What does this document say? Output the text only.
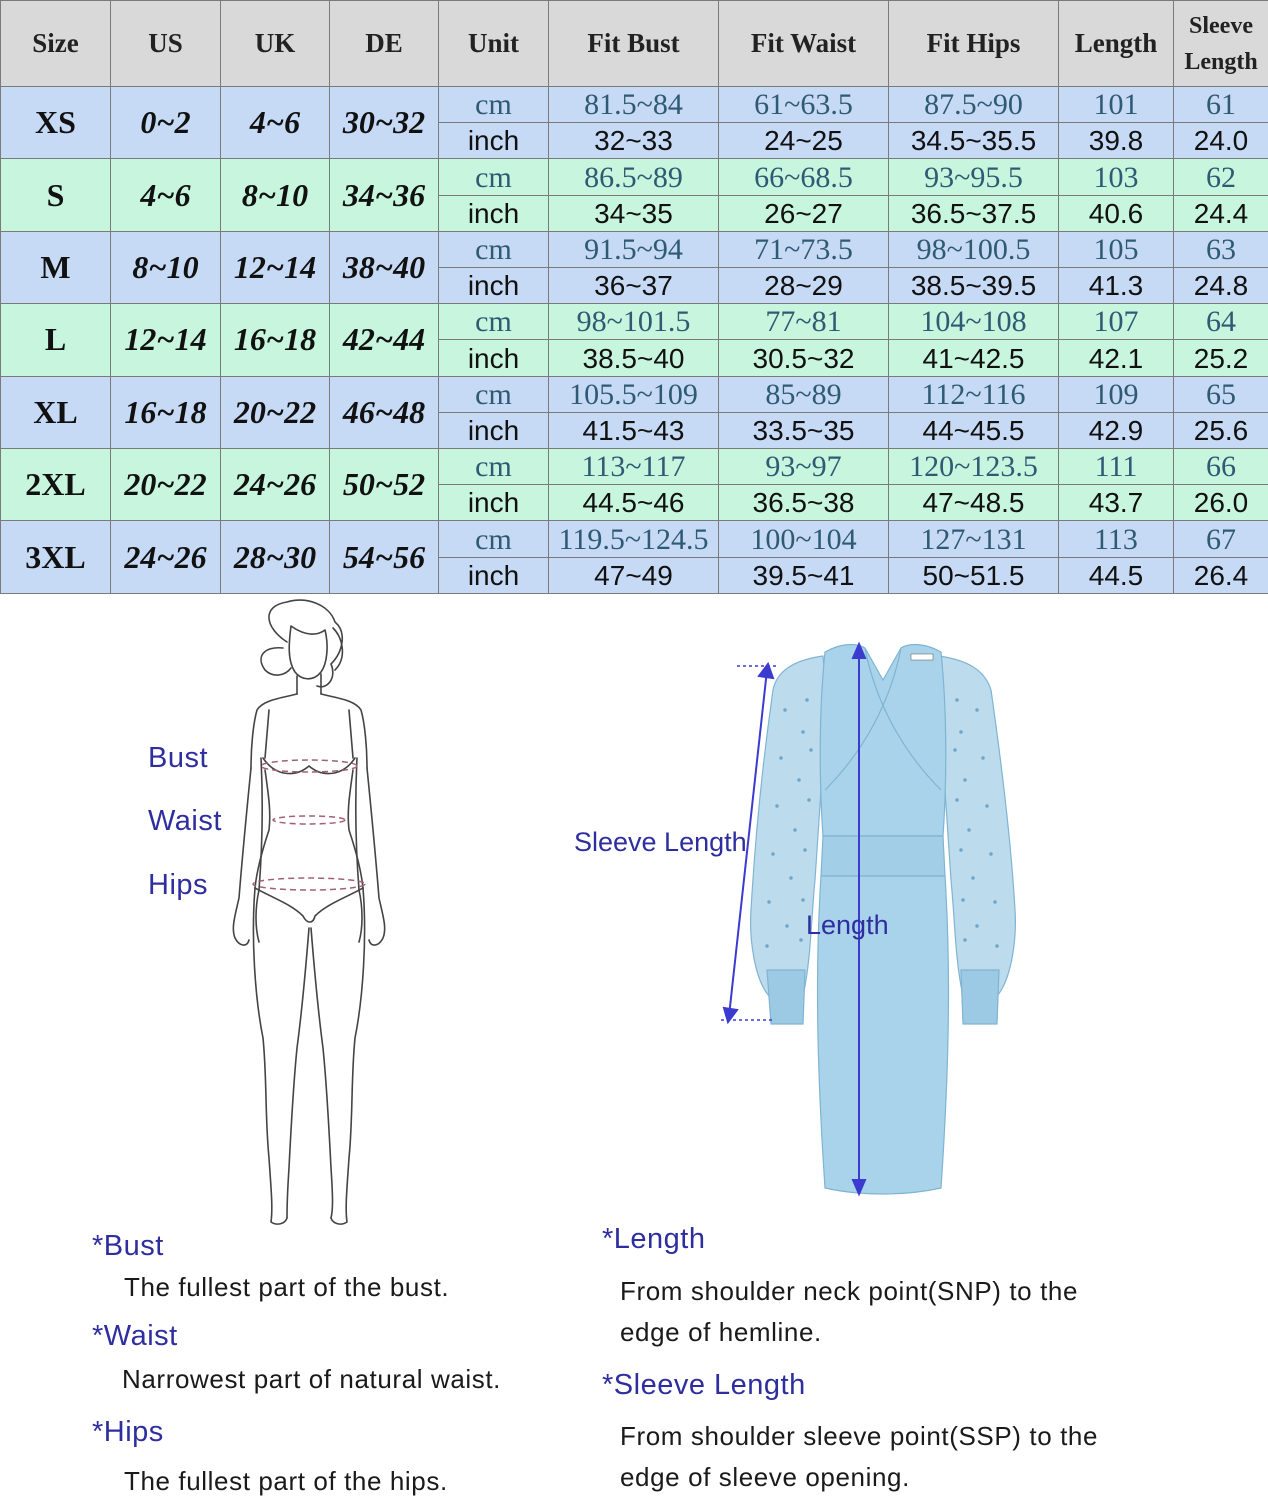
Size	US	UK	DE	Unit	Fit Bust	Fit Waist	Fit Hips	Length	Sleeve
Length
XS	0~2	4~6	30~32	cm	81.5~84	61~63.5	87.5~90	101	61
				inch	32~33	24~25	34.5~35.5	39.8	24.0
S	4~6	8~10	34~36	cm	86.5~89	66~68.5	93~95.5	103	62
				inch	34~35	26~27	36.5~37.5	40.6	24.4
M	8~10	12~14	38~40	cm	91.5~94	71~73.5	98~100.5	105	63
				inch	36~37	28~29	38.5~39.5	41.3	24.8
L	12~14	16~18	42~44	cm	98~101.5	77~81	104~108	107	64
				inch	38.5~40	30.5~32	41~42.5	42.1	25.2
XL	16~18	20~22	46~48	cm	105.5~109	85~89	112~116	109	65
				inch	41.5~43	33.5~35	44~45.5	42.9	25.6
2XL	20~22	24~26	50~52	cm	113~117	93~97	120~123.5	111	66
				inch	44.5~46	36.5~38	47~48.5	43.7	26.0
3XL	24~26	28~30	54~56	cm	119.5~124.5	100~104	127~131	113	67
				inch	47~49	39.5~41	50~51.5	44.5	26.4
Bust
Waist
Hips
Sleeve Length
Length
*Bust
The fullest part of the bust.
*Waist
Narrowest part of natural waist.
*Hips
The fullest part of the hips.
*Length
From shoulder neck point(SNP) to the
edge of hemline.
*Sleeve Length
From shoulder sleeve point(SSP) to the
edge of sleeve opening.
